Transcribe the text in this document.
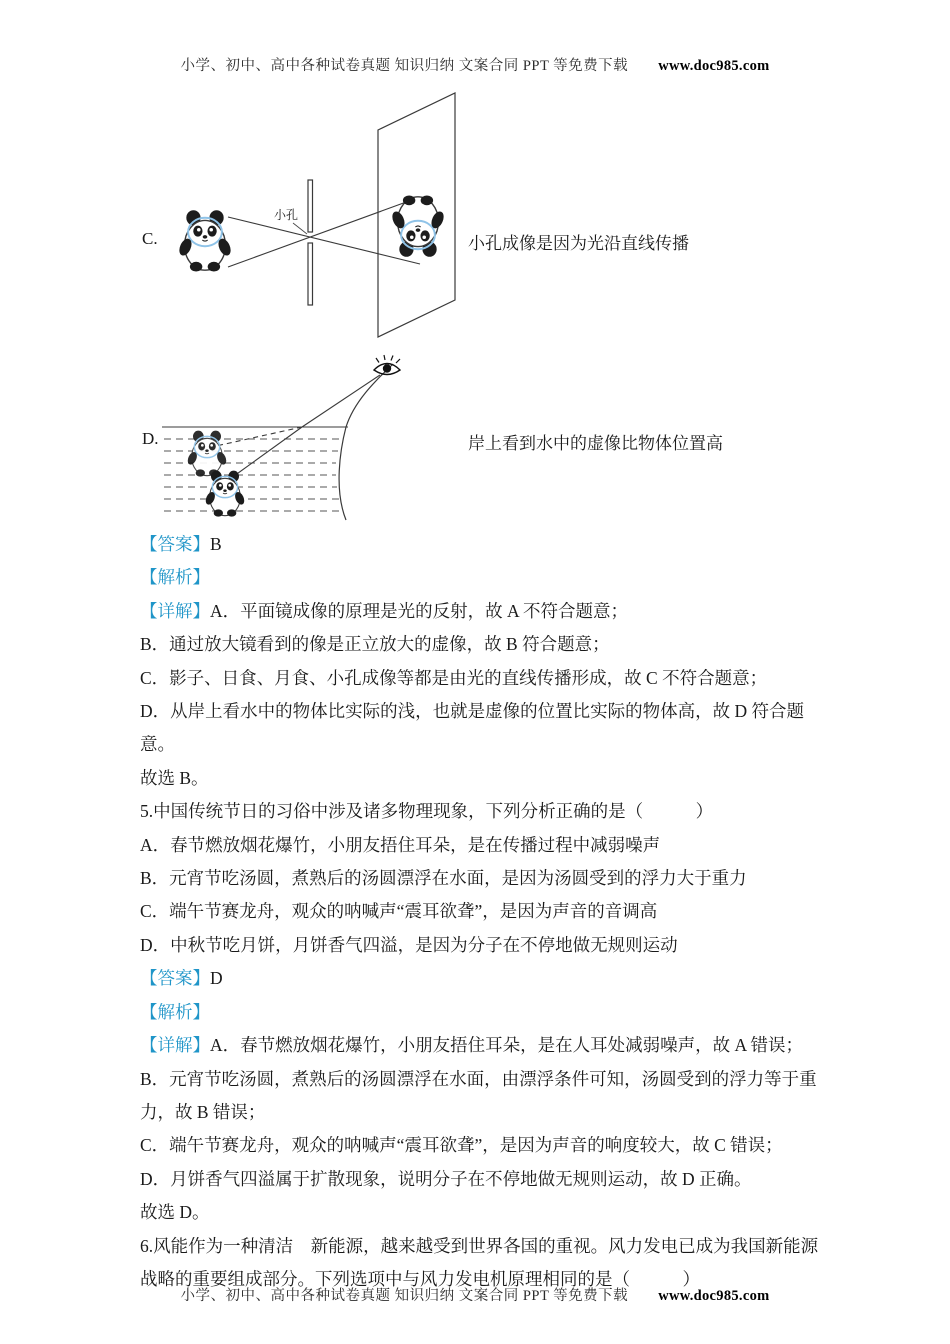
小学、初中、高中各种试卷真题 知识归纳 文案合同 PPT 等免费下载 www.doc985.com
C.
小孔
小孔成像是因为光沿直线传播
D.	岸上看到水中的虚像比物体位置高

【答案】B

【解析】

【详解】A．平面镜成像的原理是光的反射，故 A 不符合题意；

B．通过放大镜看到的像是正立放大的虚像，故 B 符合题意；

C．影子、日食、月食、小孔成像等都是由光的直线传播形成，故 C 不符合题意；

D．从岸上看水中的物体比实际的浅，也就是虚像的位置比实际的物体高，故 D 符合题意。

故选 B。

5.中国传统节日的习俗中涉及诸多物理现象，下列分析正确的是（　　　）

A．春节燃放烟花爆竹，小朋友捂住耳朵，是在传播过程中减弱噪声

B．元宵节吃汤圆，煮熟后的汤圆漂浮在水面，是因为汤圆受到的浮力大于重力

C．端午节赛龙舟，观众的呐喊声“震耳欲聋”，是因为声音的音调高

D．中秋节吃月饼，月饼香气四溢，是因为分子在不停地做无规则运动

【答案】D

【解析】

【详解】A．春节燃放烟花爆竹，小朋友捂住耳朵，是在人耳处减弱噪声，故 A 错误；

B．元宵节吃汤圆，煮熟后的汤圆漂浮在水面，由漂浮条件可知，汤圆受到的浮力等于重

力，故 B 错误；

C．端午节赛龙舟，观众的呐喊声“震耳欲聋”，是因为声音的响度较大，故 C 错误；

D．月饼香气四溢属于扩散现象，说明分子在不停地做无规则运动，故 D 正确。

故选 D。

6.风能作为一种清洁　新能源，越来越受到世界各国的重视。风力发电已成为我国新能源

战略的重要组成部分。下列选项中与风力发电机原理相同的是（　　　）

小学、初中、高中各种试卷真题 知识归纳 文案合同 PPT 等免费下载 www.doc985.com
